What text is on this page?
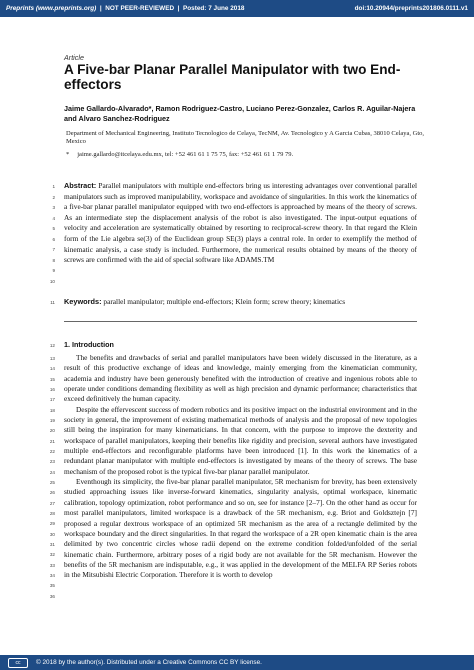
Preprints (www.preprints.org)  |  NOT PEER-REVIEWED  |  Posted: 7 June 2018	doi:10.20944/preprints201806.0111.v1
Article
A Five-bar Planar Parallel Manipulator with two End-effectors
Jaime Gallardo-Alvarado*, Ramon Rodriguez-Castro, Luciano Perez-Gonzalez, Carlos R. Aguilar-Najera and Alvaro Sanchez-Rodriguez
Department of Mechanical Engineering, Instituto Tecnologico de Celaya, TecNM, Av. Tecnologico y A Garcia Cubas, 38010 Celaya, Gto, Mexico
* jaime.gallardo@itcelaya.edu.mx, tel: +52 461 61 1 75 75, fax: +52 461 61 1 79 79.
1
2
3
4
5
6
7
8
9
10
11
12
13
14
15
16
17
18
19
20
21
22
23
24
25
26
27
28
29
30
31
32
33
34
35
36
Abstract: Parallel manipulators with multiple end-effectors bring us interesting advantages over conventional parallel manipulators such as improved manipulability, workspace and avoidance of singularities. In this work the kinematics of a five-bar planar parallel manipulator equipped with two end-effectors is approached by means of the theory of screws. As an intermediate step the displacement analysis of the robot is also investigated. The input-output equations of velocity and acceleration are systematically obtained by resorting to reciprocal-screw theory. In that regard the Klein form of the Lie algebra se(3) of the Euclidean group SE(3) plays a central role. In order to exemplify the method of kinematic analysis, a case study is included. Furthermore, the numerical results obtained by means of the theory of screws are confirmed with the aid of special software like ADAMS.TM
Keywords: parallel manipulator; multiple end-effectors; Klein form; screw theory; kinematics
1. Introduction

The benefits and drawbacks of serial and parallel manipulators have been widely discussed in the literature, as a result of this productive exchange of ideas and knowledge, mainly emerging from the kinematician community, academia and industry have been generously benefited with the introduction of creative and ingenious robots able to operate under conditions demanding flexibility as well as high precision and dynamic performance; characteristics that exceed definitively the human capacity.

Despite the effervescent success of modern robotics and its positive impact on the industrial environment and in the society in general, the improvement of existing mathematical methods of analysis and the proposal of new topologies still being the inspiration for many kinematicians. In that concern, with the purpose to improve the dexterity and workspace of parallel manipulators, keeping their benefits like rigidity and precision, several authors have investigated multiple end-effectors and reconfigurable platforms have been introduced [1]. In this work the kinematics of a redundant planar manipulator with multiple end-effectors is investigated by means of the theory of screws. The base mechanism of the proposed robot is the typical five-bar planar parallel manipulator.

Eventhough its simplicity, the five-bar planar parallel manipulator, 5R mechanism for brevity, has been extensively studied approaching issues like inverse-forward kinematics, singularity analysis, optimal workspace, kinematic calibration, topology optimization, robot performance and so on, see for instance [2–7]. On the other hand as occur for most parallel manipulators, limited workspace is a drawback of the 5R mechanism, e.g. Briot and Goldsztejn [7] proposed a regular dextrous workspace of an optimized 5R mechanism as the area of a rectangle delimited by the workspace boundary and the direct singularities. In that regard the workspace of a 2R open kinematic chain is the area delimited by two concentric circles whose radii depend on the extreme condition folded/unfolded of the serial kinematic chain. Furthermore, arbitrary poses of a rigid body are not available for the 5R mechanism. However the benefits of the 5R mechanism are indisputable, e.g., it was applied in the development of the MELFA RP Series robots in the Mitsubishi Electric Corporation. Therefore it is worth to develop

cc	© 2018 by the author(s). Distributed under a Creative Commons CC BY license.
